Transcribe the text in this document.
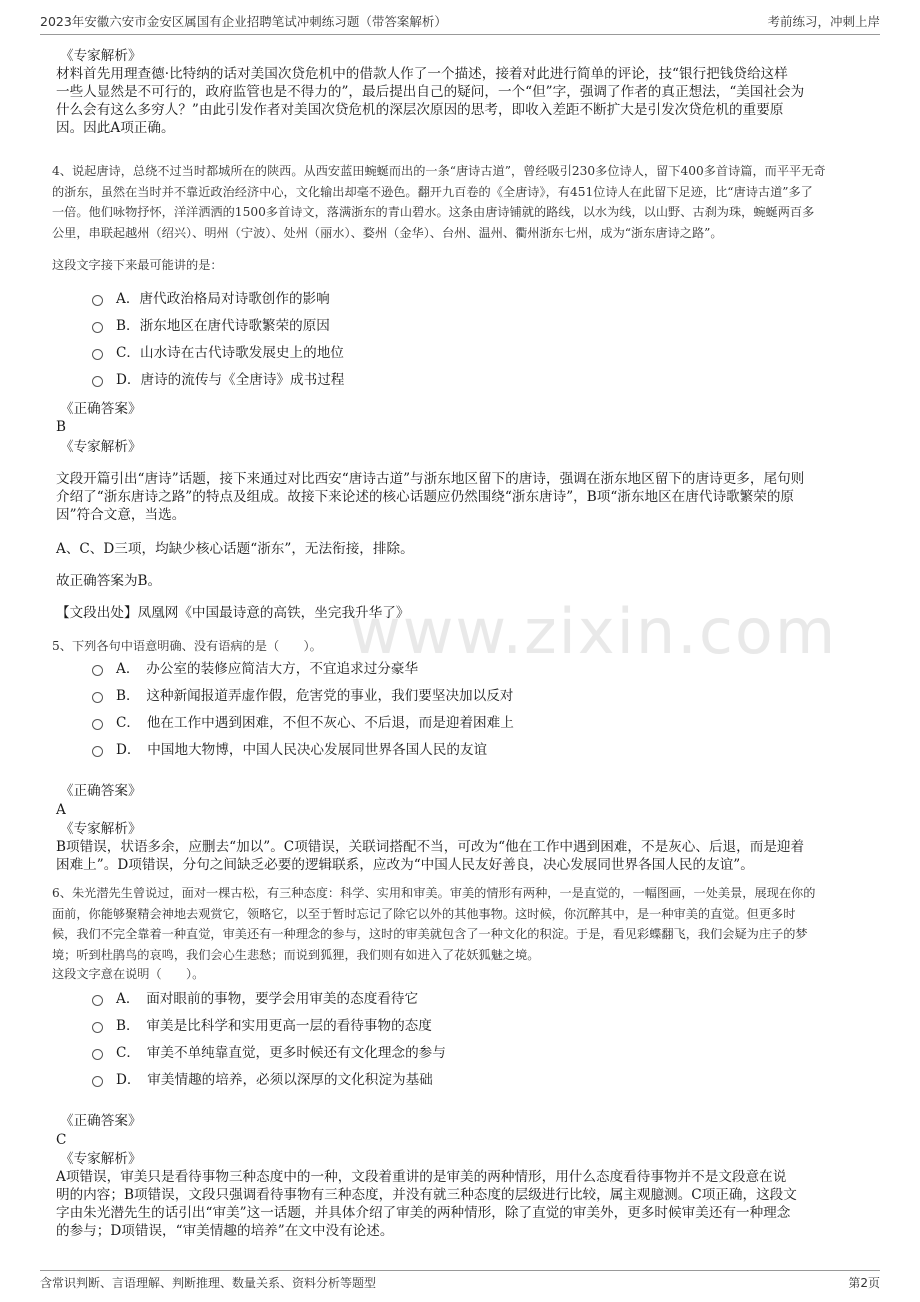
2023年安徽六安市金安区属国有企业招聘笔试冲刺练习题（带答案解析）	考前练习，冲刺上岸
www.zixin.com
《专家解析》
材料首先用理查德·比特纳的话对美国次贷危机中的借款人作了一个描述，接着对此进行简单的评论，技“银行把钱贷给这样
一些人显然是不可行的，政府监管也是不得力的”，最后提出自己的疑问，一个“但”字，强调了作者的真正想法，“美国社会为
什么会有这么多穷人？”由此引发作者对美国次贷危机的深层次原因的思考，即收入差距不断扩大是引发次贷危机的重要原
因。因此A项正确。
4、说起唐诗，总绕不过当时都城所在的陕西。从西安蓝田蜿蜒而出的一条“唐诗古道”，曾经吸引230多位诗人，留下400多首诗篇，而平平无奇
的浙东，虽然在当时并不靠近政治经济中心，文化输出却毫不逊色。翻开九百卷的《全唐诗》，有451位诗人在此留下足迹，比“唐诗古道”多了
一倍。他们咏物抒怀，洋洋洒洒的1500多首诗文，落满浙东的青山碧水。这条由唐诗铺就的路线，以水为线，以山野、古刹为珠，蜿蜒两百多
公里，串联起越州（绍兴）、明州（宁波）、处州（丽水）、婺州（金华）、台州、温州、衢州浙东七州，成为“浙东唐诗之路”。
这段文字接下来最可能讲的是：
A．唐代政治格局对诗歌创作的影响
B．浙东地区在唐代诗歌繁荣的原因
C．山水诗在古代诗歌发展史上的地位
D．唐诗的流传与《全唐诗》成书过程
《正确答案》
B
《专家解析》
文段开篇引出“唐诗”话题，接下来通过对比西安“唐诗古道”与浙东地区留下的唐诗，强调在浙东地区留下的唐诗更多，尾句则
介绍了“浙东唐诗之路”的特点及组成。故接下来论述的核心话题应仍然围绕“浙东唐诗”，B项“浙东地区在唐代诗歌繁荣的原
因”符合文意，当选。
A、C、D三项，均缺少核心话题“浙东”，无法衔接，排除。
故正确答案为B。
【文段出处】凤凰网《中国最诗意的高铁，坐完我升华了》
5、下列各句中语意明确、没有语病的是（　　）。
A．　办公室的装修应简洁大方，不宜追求过分豪华
B．　这种新闻报道弄虚作假，危害党的事业，我们要坚决加以反对
C．　他在工作中遇到困难，不但不灰心、不后退，而是迎着困难上
D．　中国地大物博，中国人民决心发展同世界各国人民的友谊
《正确答案》
A
《专家解析》
B项错误，状语多余，应删去“加以”。C项错误，关联词搭配不当，可改为“他在工作中遇到困难，不是灰心、后退，而是迎着
困难上”。D项错误，分句之间缺乏必要的逻辑联系，应改为“中国人民友好善良，决心发展同世界各国人民的友谊”。
6、朱光潜先生曾说过，面对一棵古松，有三种态度：科学、实用和审美。审美的情形有两种，一是直觉的，一幅图画，一处美景，展现在你的
面前，你能够聚精会神地去观赏它，领略它，以至于暂时忘记了除它以外的其他事物。这时候，你沉醉其中，是一种审美的直觉。但更多时
候，我们不完全靠着一种直觉，审美还有一种理念的参与，这时的审美就包含了一种文化的积淀。于是，看见彩蝶翻飞，我们会疑为庄子的梦
境；听到杜鹃鸟的哀鸣，我们会心生悲愁；而说到狐狸，我们则有如进入了花妖狐魅之境。
这段文字意在说明（　　）。
A．　面对眼前的事物，要学会用审美的态度看待它
B．　审美是比科学和实用更高一层的看待事物的态度
C．　审美不单纯靠直觉，更多时候还有文化理念的参与
D．　审美情趣的培养，必须以深厚的文化积淀为基础
《正确答案》
C
《专家解析》
A项错误，审美只是看待事物三种态度中的一种，文段着重讲的是审美的两种情形，用什么态度看待事物并不是文段意在说
明的内容；B项错误，文段只强调看待事物有三种态度，并没有就三种态度的层级进行比较，属主观臆测。C项正确，这段文
字由朱光潜先生的话引出“审美”这一话题，并具体介绍了审美的两种情形，除了直觉的审美外，更多时候审美还有一种理念
的参与；D项错误，“审美情趣的培养”在文中没有论述。
含常识判断、言语理解、判断推理、数量关系、资料分析等题型	第2页
